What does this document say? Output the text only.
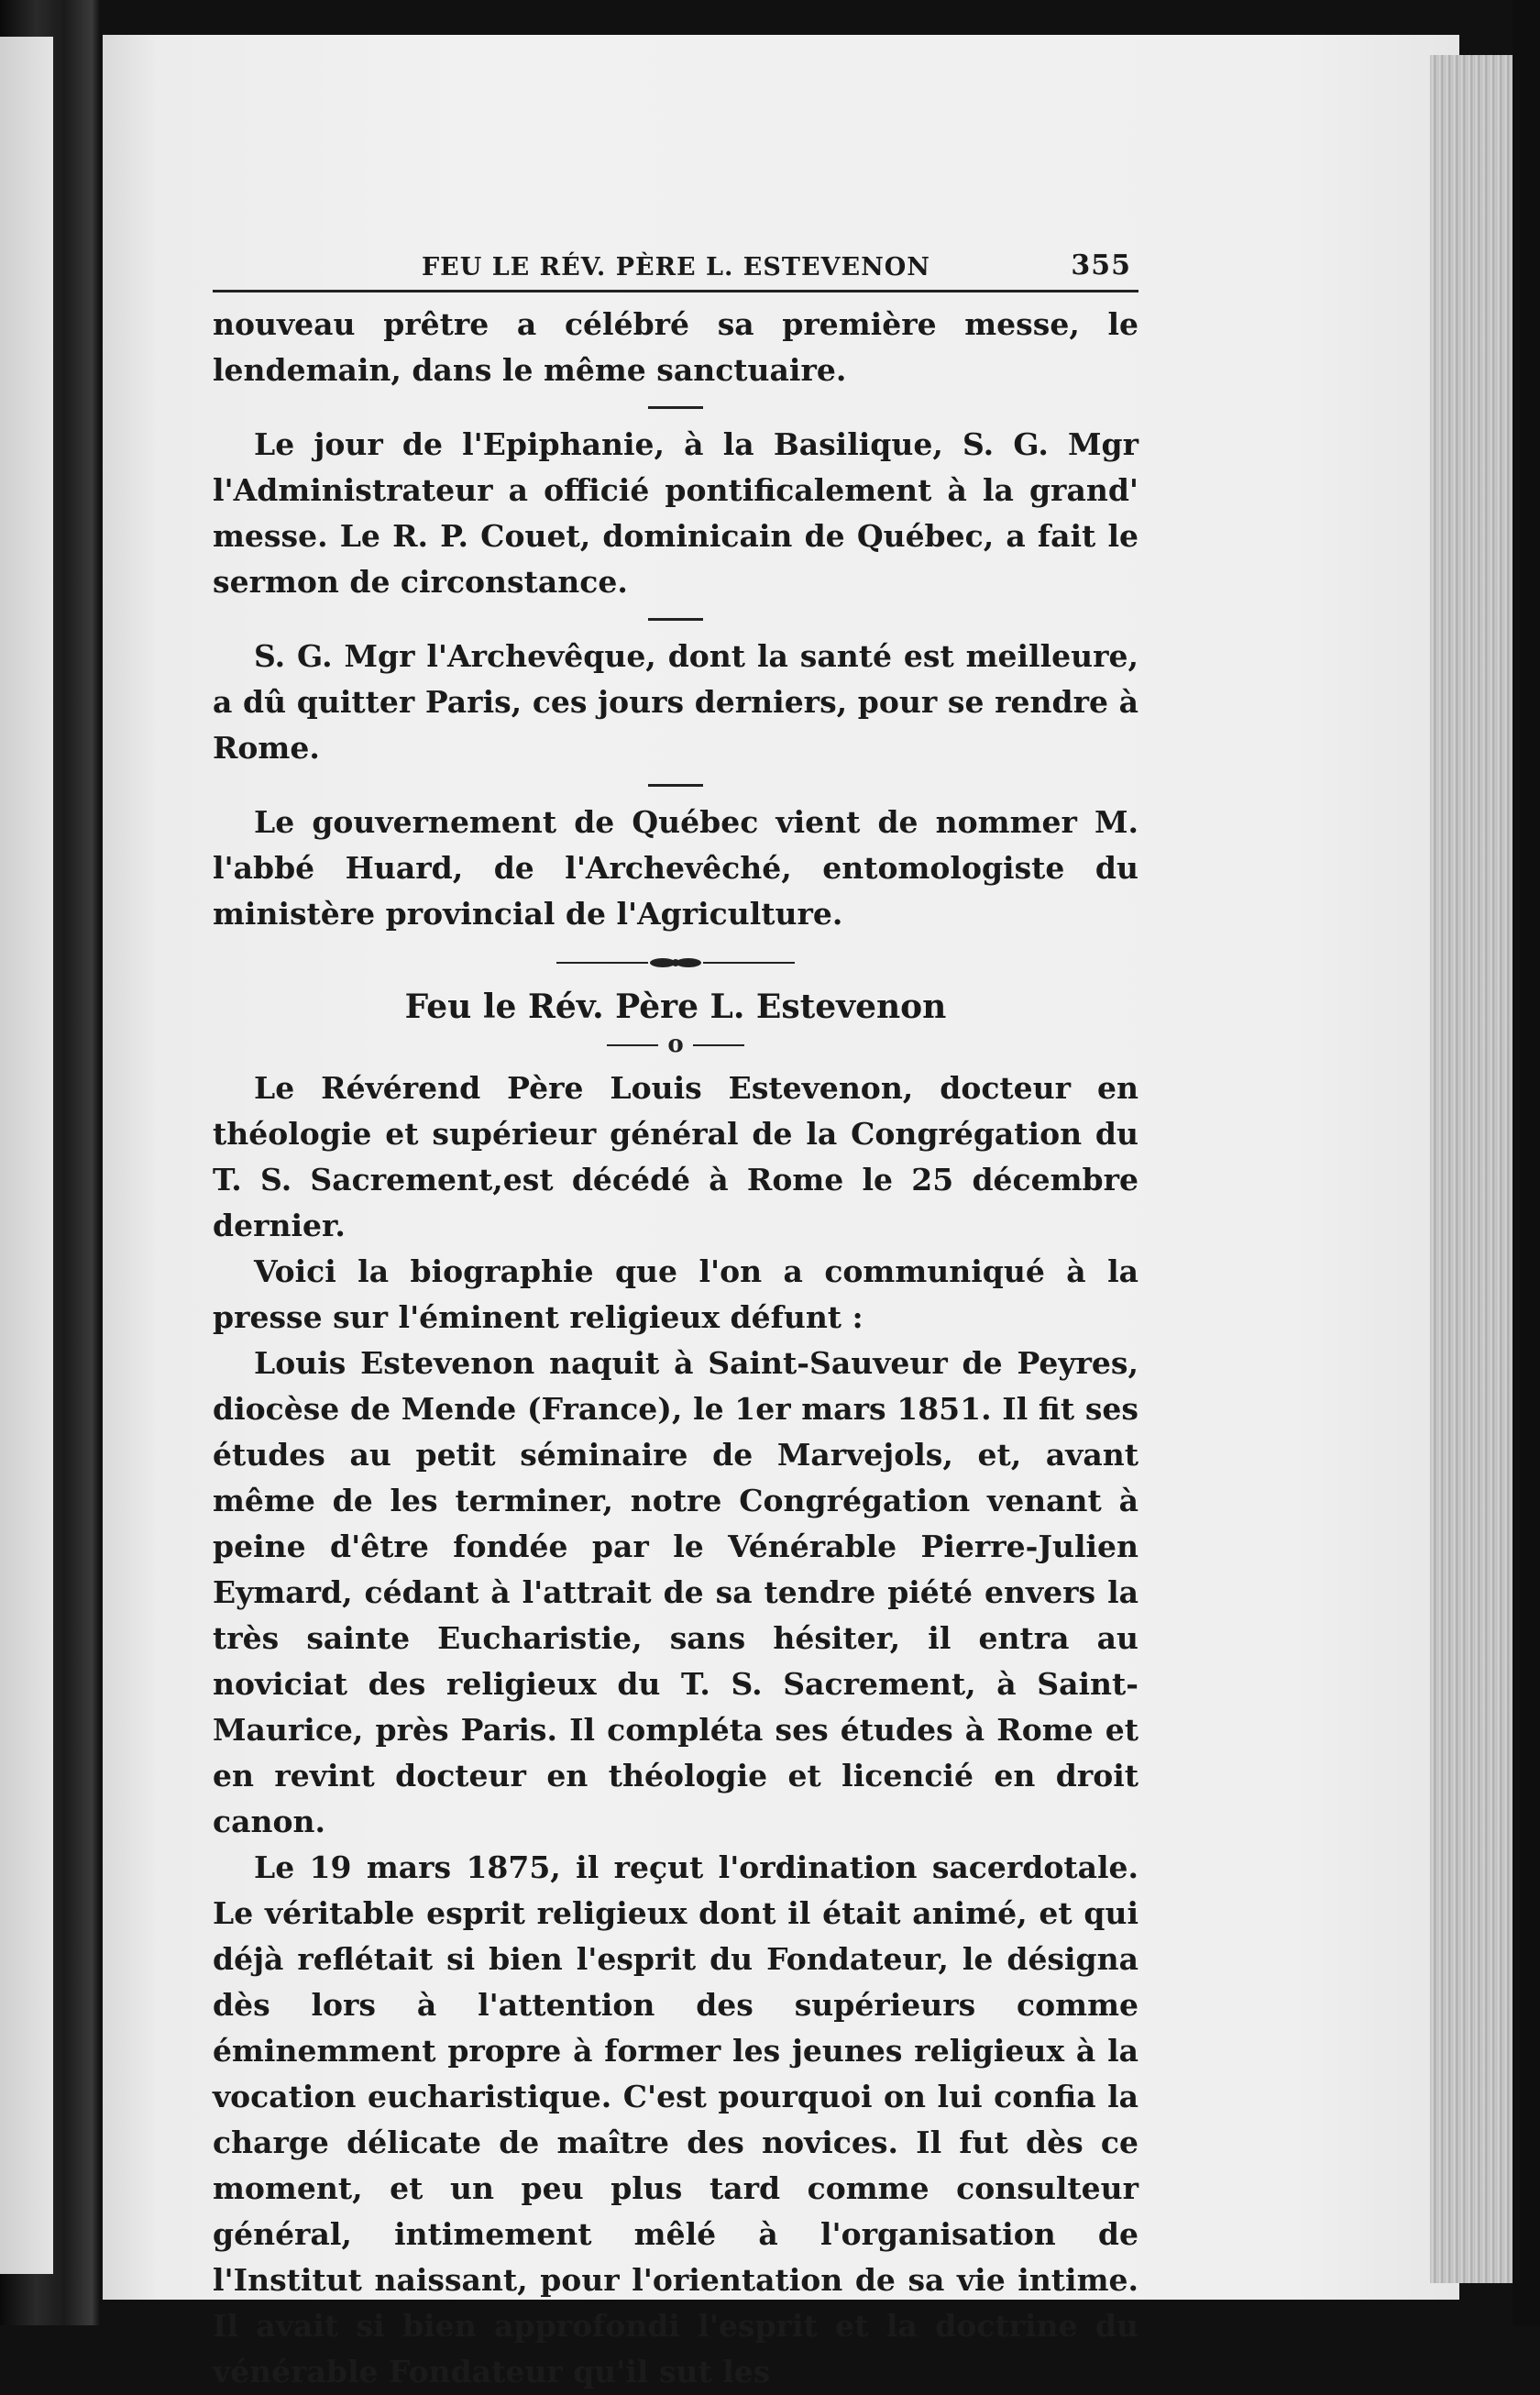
FEU LE RÉV. PÈRE L. ESTEVENON	355

nouveau prêtre a célébré sa première messe, le lendemain, dans le même sanctuaire.

Le jour de l'Epiphanie, à la Basilique, S. G. Mgr l'Administrateur a officié pontificalement à la grand' messe. Le R. P. Couet, dominicain de Québec, a fait le sermon de circonstance.

S. G. Mgr l'Archevêque, dont la santé est meilleure, a dû quitter Paris, ces jours derniers, pour se rendre à Rome.

Le gouvernement de Québec vient de nommer M. l'abbé Huard, de l'Archevêché, entomologiste du ministère provincial de l'Agriculture.

Feu le Rév. Père L. Estevenon
o

Le Révérend Père Louis Estevenon, docteur en théologie et supérieur général de la Congrégation du T. S. Sacrement,est décédé à Rome le 25 décembre dernier.

Voici la biographie que l'on a communiqué à la presse sur l'éminent religieux défunt :

Louis Estevenon naquit à Saint-Sauveur de Peyres, diocèse de Mende (France), le 1er mars 1851. Il fit ses études au petit séminaire de Marvejols, et, avant même de les terminer, notre Congrégation venant à peine d'être fondée par le Vénérable Pierre-Julien Eymard, cédant à l'attrait de sa tendre piété envers la très sainte Eucharistie, sans hésiter, il entra au noviciat des religieux du T. S. Sacrement, à Saint-Maurice, près Paris. Il compléta ses études à Rome et en revint docteur en théologie et licencié en droit canon.

Le 19 mars 1875, il reçut l'ordination sacerdotale. Le véritable esprit religieux dont il était animé, et qui déjà reflétait si bien l'esprit du Fondateur, le désigna dès lors à l'attention des supérieurs comme éminemment propre à former les jeunes religieux à la vocation eucharistique. C'est pourquoi on lui confia la charge délicate de maître des novices. Il fut dès ce moment, et un peu plus tard comme consulteur général, intimement mêlé à l'organisation de l'Institut naissant, pour l'orientation de sa vie intime. Il avait si bien approfondi l'esprit et la doctrine du vénérable Fondateur qu'il sut les
